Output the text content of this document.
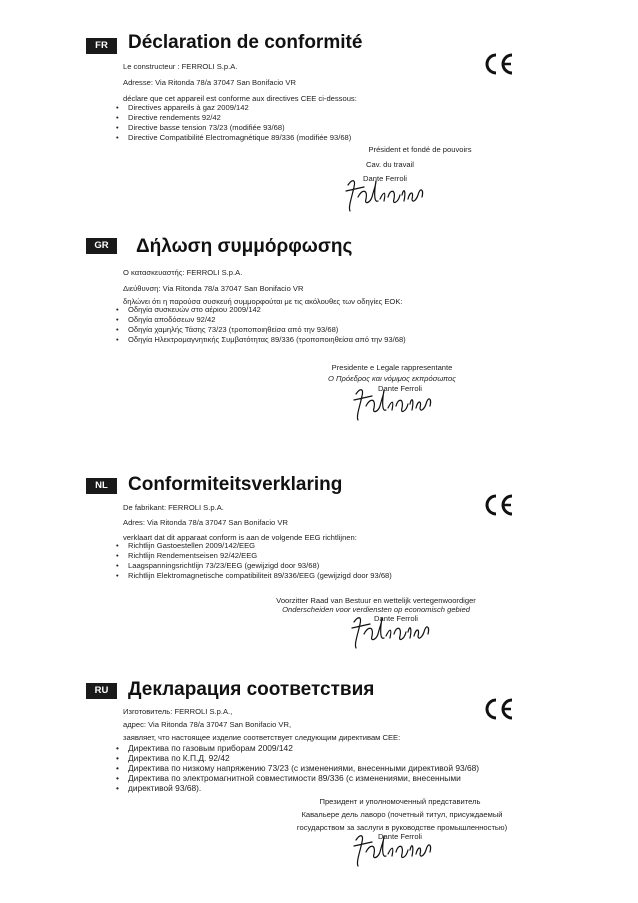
FR	Déclaration de conformité
Le constructeur : FERROLI S.p.A.
Adresse: Via Ritonda 78/a 37047 San Bonifacio VR
déclare que cet appareil est conforme aux directives CEE ci-dessous:
• Directives appareils à gaz 2009/142
• Directive rendements 92/42
• Directive basse tension 73/23 (modifiée 93/68)
• Directive Compatibilité Electromagnétique 89/336 (modifiée 93/68)
Président et fondé de pouvoirs
Cav. du travail
Dante Ferroli
GR	Δήλωση συμμόρφωσης
Ο κατασκευαστής: FERROLI S.p.A.
Διεύθυνση: Via Ritonda 78/a 37047 San Bonifacio VR
δηλώνει ότι η παρούσα συσκευή συμμορφούται με τις ακόλουθες των οδηγίες ΕΟΚ:
• Οδηγία συσκευών στο αέριου 2009/142
• Οδηγία αποδόσεων 92/42
• Οδηγία χαμηλής Τάσης 73/23 (τροποποιηθείσα από την 93/68)
• Οδηγία Ηλεκτρομαγνητικής Συμβατότητας 89/336 (τροποποιηθείσα από την 93/68)
Presidente e Legale rappresentante
Ο Πρόεδρος και νόμιμος εκπρόσωπος
Dante Ferroli
NL	Conformiteitsverklaring
De fabrikant: FERROLI S.p.A.
Adres: Via Ritonda 78/a 37047 San Bonifacio VR
verklaart dat dit apparaat conform is aan de volgende EEG richtlijnen:
• Richtlijn Gastoestellen 2009/142/EEG
• Richtlijn Rendementseisen 92/42/EEG
• Laagspanningsrichtlijn 73/23/EEG (gewijzigd door 93/68)
• Richtlijn Elektromagnetische compatibiliteit 89/336/EEG (gewijzigd door 93/68)
Voorzitter Raad van Bestuur en wettelijk vertegenwoordiger
Onderscheiden voor verdiensten op economisch gebied
Dante Ferroli
RU	Декларация соответствия
Изготовитель: FERROLI S.p.A.,
адрес: Via Ritonda 78/a 37047 San Bonifacio VR,
заявляет, что настоящее изделие соответствует следующим директивам CEE:
• Директива по газовым приборам 2009/142
• Директива по К.П.Д. 92/42
• Директива по низкому напряжению 73/23 (с изменениями, внесенными директивой 93/68)
• Директива по электромагнитной совместимости 89/336 (с изменениями, внесенными
• директивой 93/68).
Президент и уполномоченный представитель
Кавальере дель лаворо (почетный титул, присуждаемый
государством за заслуги в руководстве промышленностью)
Dante Ferroli
